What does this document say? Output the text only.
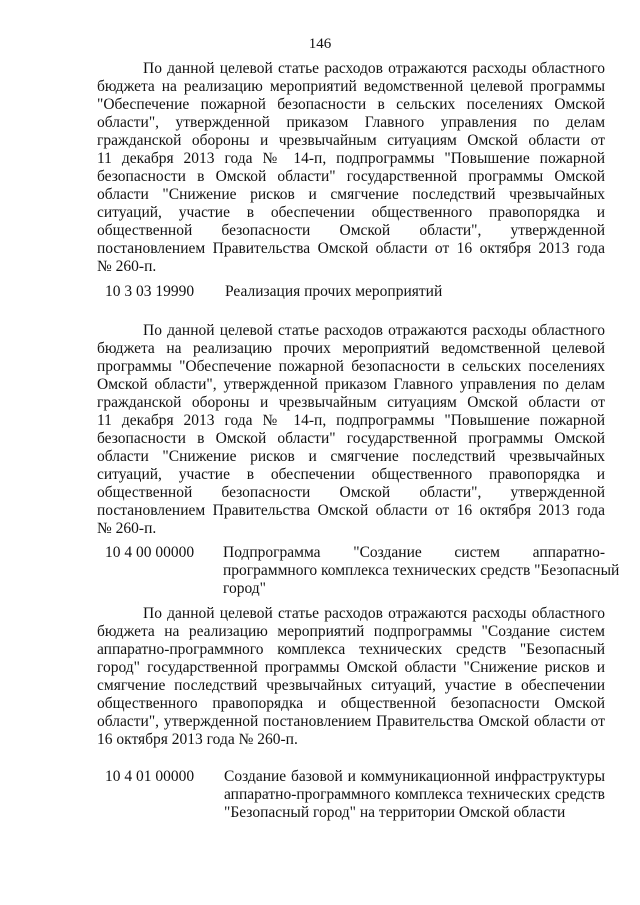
146
По данной целевой статье расходов отражаются расходы областного
бюджета на реализацию мероприятий ведомственной целевой программы
"Обеспечение пожарной безопасности в сельских поселениях Омской
области", утвержденной приказом Главного управления по делам
гражданской обороны и чрезвычайным ситуациям Омской области от
11 декабря 2013 года № 14-п, подпрограммы "Повышение пожарной
безопасности в Омской области" государственной программы Омской
области "Снижение рисков и смягчение последствий чрезвычайных
ситуаций, участие в обеспечении общественного правопорядка и
общественной безопасности Омской области", утвержденной
постановлением Правительства Омской области от 16 октября 2013 года
№ 260-п.
10 3 03 19990 Реализация прочих мероприятий
По данной целевой статье расходов отражаются расходы областного
бюджета на реализацию прочих мероприятий ведомственной целевой
программы "Обеспечение пожарной безопасности в сельских поселениях
Омской области", утвержденной приказом Главного управления по делам
гражданской обороны и чрезвычайным ситуациям Омской области от
11 декабря 2013 года № 14-п, подпрограммы "Повышение пожарной
безопасности в Омской области" государственной программы Омской
области "Снижение рисков и смягчение последствий чрезвычайных
ситуаций, участие в обеспечении общественного правопорядка и
общественной безопасности Омской области", утвержденной
постановлением Правительства Омской области от 16 октября 2013 года
№ 260-п.
10 4 00 00000 Подпрограмма "Создание систем аппаратно-
программного комплекса технических средств "Безопасный
город"
По данной целевой статье расходов отражаются расходы областного
бюджета на реализацию мероприятий подпрограммы "Создание систем
аппаратно-программного комплекса технических средств "Безопасный
город" государственной программы Омской области "Снижение рисков и
смягчение последствий чрезвычайных ситуаций, участие в обеспечении
общественного правопорядка и общественной безопасности Омской
области", утвержденной постановлением Правительства Омской области от
16 октября 2013 года № 260-п.
10 4 01 00000 Создание базовой и коммуникационной инфраструктуры
аппаратно-программного комплекса технических средств
"Безопасный город" на территории Омской области
